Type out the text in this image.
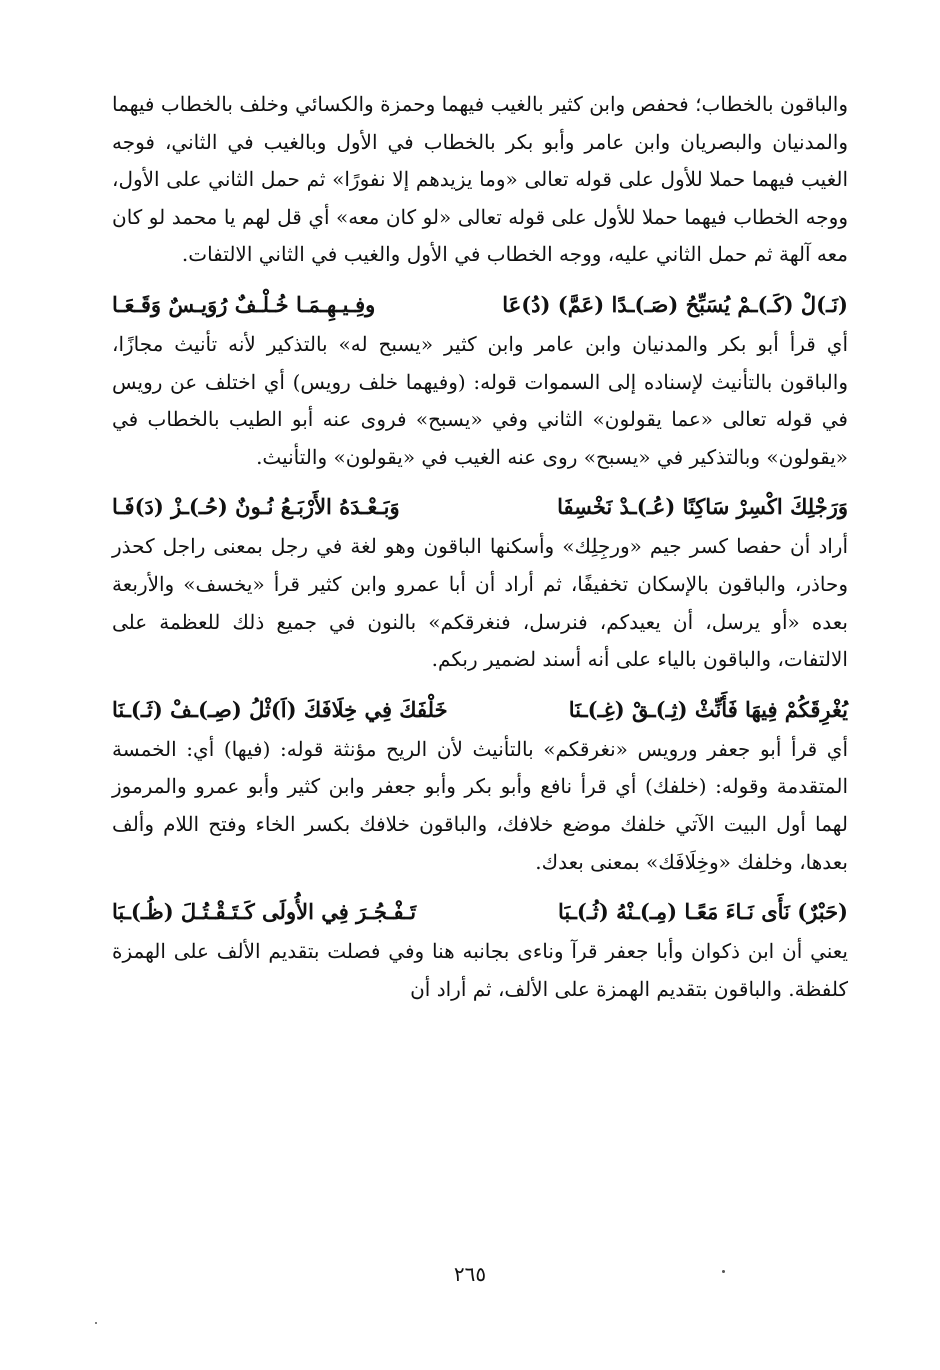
والباقون بالخطاب؛ فحفص وابن كثير بالغيب فيهما وحمزة والكسائي وخلف بالخطاب فيهما والمدنيان والبصريان وابن عامر وأبو بكر بالخطاب في الأول وبالغيب في الثاني، فوجه الغيب فيهما حملا للأول على قوله تعالى «وما يزيدهم إلا نفورًا» ثم حمل الثاني على الأول، ووجه الخطاب فيهما حملا للأول على قوله تعالى «لو كان معه» أي قل لهم يا محمد لو كان معه آلهة ثم حمل الثاني عليه، ووجه الخطاب في الأول والغيب في الثاني الالتفات.

(نَـ)لْ (كَـ)ـمْ يُسَبِّحُ (صَـ)ـدًا (عَمَّ) (دُ)عَا
وفِـيـهِـمَـا خُـلْـفٌ رُوَيـسٌ وَقَـعَـا

أي قرأ أبو بكر والمدنيان وابن عامر وابن كثير «يسبح له» بالتذكير لأنه تأنيث مجازًا، والباقون بالتأنيث لإسناده إلى السموات قوله: (وفيهما خلف رويس) أي اختلف عن رويس في قوله تعالى «عما يقولون» الثاني وفي «يسبح» فروى عنه أبو الطيب بالخطاب في «يقولون» وبالتذكير في «يسبح» روى عنه الغيب في «يقولون» والتأنيث.

وَرَجْلِكَ اكْسِرْ سَاكِنًا (عُـ)ـدْ نَخْسِفَا
وَبَـعْـدَهُ الأَرْبَـعُ نُـونٌ (حُـ)ـزْ (دَ)فَـا

أراد أن حفصا كسر جيم «ورجِلِك» وأسكنها الباقون وهو لغة في رجل بمعنى راجل كحذر وحاذر، والباقون بالإسكان تخفيفًا، ثم أراد أن أبا عمرو وابن كثير قرأ «يخسف» والأربعة بعده «أو يرسل، أن يعيدكم، فنرسل، فنغرقكم» بالنون في جميع ذلك للعظمة على الالتفات، والباقون بالياء على أنه أسند لضمير ربكم.

يُغْرِقَكُمْ فِيهَا فَأَنِّثْ (ثِـ)ـقْ (غِـ)ـنَا
خَلْفَكَ فِي خِلَافَكَ (اَ)ثْلُ (صِـ)ـفْ (ثَـ)ـنَا

أي قرأ أبو جعفر ورويس «نغرقكم» بالتأنيث لأن الريح مؤنثة قوله: (فيها) أي: الخمسة المتقدمة وقوله: (خلفك) أي قرأ نافع وأبو بكر وأبو جعفر وابن كثير وأبو عمرو والمرموز لهما أول البيت الآتي خلفك موضع خلافك، والباقون خلافك بكسر الخاء وفتح اللام وألف بعدها، وخلفك «وخِلَافَك» بمعنى بعدك.

(حَبْرٌ) نَأَى نَـاءَ مَعًـا (مِـ)ـنْهُ (ثُـ)ـبَا
تَـفْـجُـرَ فِي الأُولَى كَـتَـقْـتُـلَ (ظُـ)ـبَا

يعني أن ابن ذكوان وأبا جعفر قرآ وناءى بجانبه هنا وفي فصلت بتقديم الألف على الهمزة كلفظة. والباقون بتقديم الهمزة على الألف، ثم أراد أن

٢٦٥
